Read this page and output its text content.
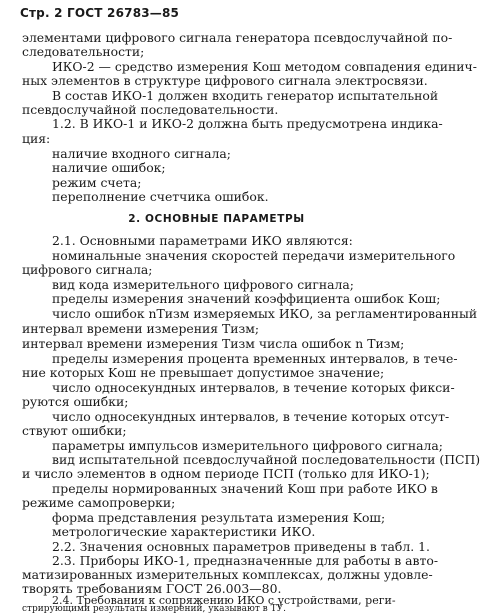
Стр. 2 ГОСТ 26783—85
элементами цифрового сигнала генератора псевдослучайной по-
следовательности;
ИКО-2 — средство измерения Kош методом совпадения единич-
ных элементов в структуре цифрового сигнала электросвязи.
В состав ИКО-1 должен входить генератор испытательной
псевдослучайной последовательности.
1.2. В ИКО-1 и ИКО-2 должна быть предусмотрена индика-
ция:
наличие входного сигнала;
наличие ошибок;
режим счета;
переполнение счетчика ошибок.
2. ОСНОВНЫЕ ПАРАМЕТРЫ
2.1. Основными параметрами ИКО являются:
номинальные значения скоростей передачи измерительного
цифрового сигнала;
вид кода измерительного цифрового сигнала;
пределы измерения значений коэффициента ошибок Kош;
число ошибок nTизм измеряемых ИКО, за регламентированный
интервал времени измерения Tизм;
интервал времени измерения Tизм числа ошибок n Tизм;
пределы измерения процента временных интервалов, в тече-
ние которых Kош не превышает допустимое значение;
число односекундных интервалов, в течение которых фикси-
руются ошибки;
число односекундных интервалов, в течение которых отсут-
ствуют ошибки;
параметры импульсов измерительного цифрового сигнала;
вид испытательной псевдослучайной последовательности (ПСП)
и число элементов в одном периоде ПСП (только для ИКО-1);
пределы нормированных значений Kош при работе ИКО в
режиме самопроверки;
форма представления результата измерения Kош;
метрологические характеристики ИКО.
2.2. Значения основных параметров приведены в табл. 1.
2.3. Приборы ИКО-1, предназначенные для работы в авто-
матизированных измерительных комплексах, должны удовле-
творять требованиям ГОСТ 26.003—80.
2.4. Требования к сопряжению ИКО с устройствами, реги-
стрирующими результаты измерений, указывают в ТУ.
